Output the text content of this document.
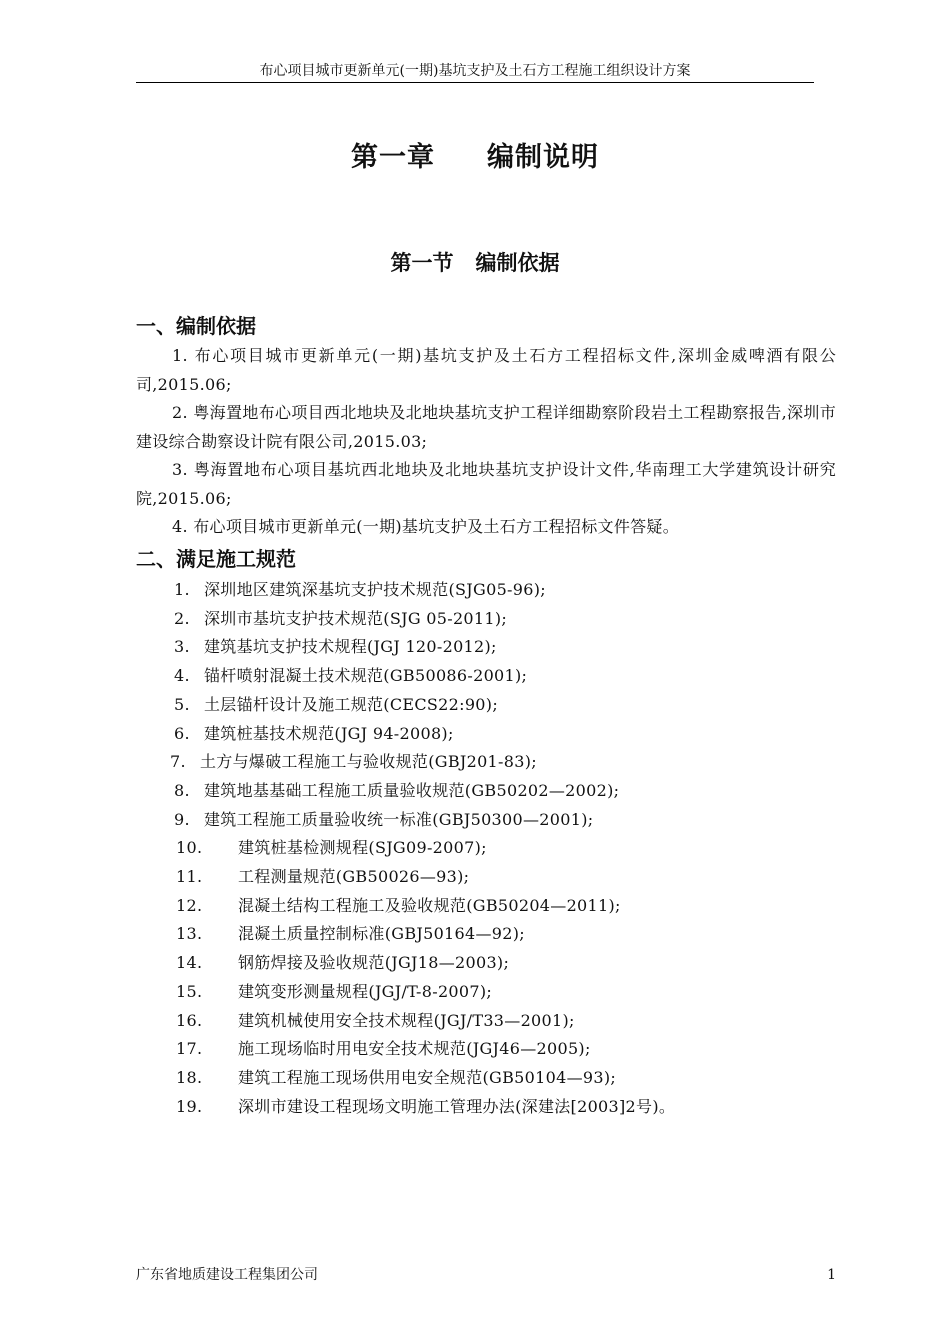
布心项目城市更新单元(一期)基坑支护及土石方工程施工组织设计方案
第一章     编制说明
第一节   编制依据
一、编制依据
1. 布心项目城市更新单元(一期)基坑支护及土石方工程招标文件,深圳金威啤酒有限公司,2015.06;
2. 粤海置地布心项目西北地块及北地块基坑支护工程详细勘察阶段岩土工程勘察报告,深圳市建设综合勘察设计院有限公司,2015.03;
3. 粤海置地布心项目基坑西北地块及北地块基坑支护设计文件,华南理工大学建筑设计研究院,2015.06;
4. 布心项目城市更新单元(一期)基坑支护及土石方工程招标文件答疑。
二、满足施工规范
1. 深圳地区建筑深基坑支护技术规范(SJG05-96);
2. 深圳市基坑支护技术规范(SJG 05-2011);
3. 建筑基坑支护技术规程(JGJ 120-2012);
4. 锚杆喷射混凝土技术规范(GB50086-2001);
5. 土层锚杆设计及施工规范(CECS22:90);
6. 建筑桩基技术规范(JGJ 94-2008);
7. 土方与爆破工程施工与验收规范(GBJ201-83);
8. 建筑地基基础工程施工质量验收规范(GB50202—2002);
9. 建筑工程施工质量验收统一标准(GBJ50300—2001);
10. 建筑桩基检测规程(SJG09-2007);
11. 工程测量规范(GB50026—93);
12. 混凝土结构工程施工及验收规范(GB50204—2011);
13. 混凝土质量控制标准(GBJ50164—92);
14. 钢筋焊接及验收规范(JGJ18—2003);
15. 建筑变形测量规程(JGJ/T-8-2007);
16. 建筑机械使用安全技术规程(JGJ/T33—2001);
17. 施工现场临时用电安全技术规范(JGJ46—2005);
18. 建筑工程施工现场供用电安全规范(GB50104—93);
19. 深圳市建设工程现场文明施工管理办法(深建法[2003]2号)。
广东省地质建设工程集团公司	1
